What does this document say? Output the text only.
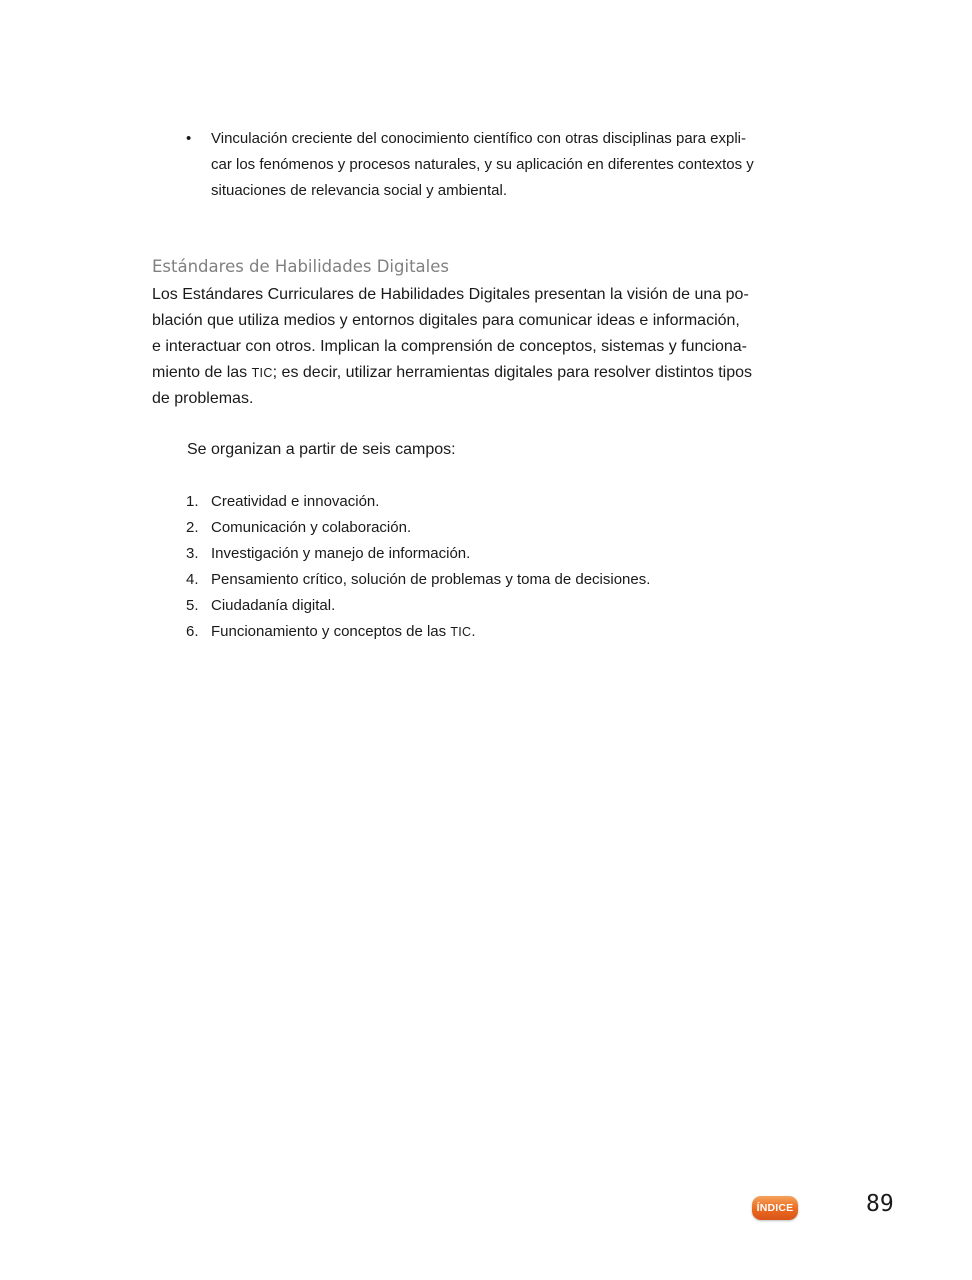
• Vinculación creciente del conocimiento científico con otras disciplinas para expli-
car los fenómenos y procesos naturales, y su aplicación en diferentes contextos y
situaciones de relevancia social y ambiental.
Estándares de Habilidades Digitales
Los Estándares Curriculares de Habilidades Digitales presentan la visión de una po-
blación que utiliza medios y entornos digitales para comunicar ideas e información,
e interactuar con otros. Implican la comprensión de conceptos, sistemas y funciona-
miento de las TIC; es decir, utilizar herramientas digitales para resolver distintos tipos
de problemas.
Se organizan a partir de seis campos:
1. Creatividad e innovación.
2. Comunicación y colaboración.
3. Investigación y manejo de información.
4. Pensamiento crítico, solución de problemas y toma de decisiones.
5. Ciudadanía digital.
6. Funcionamiento y conceptos de las TIC.
ÍNDICE	89
